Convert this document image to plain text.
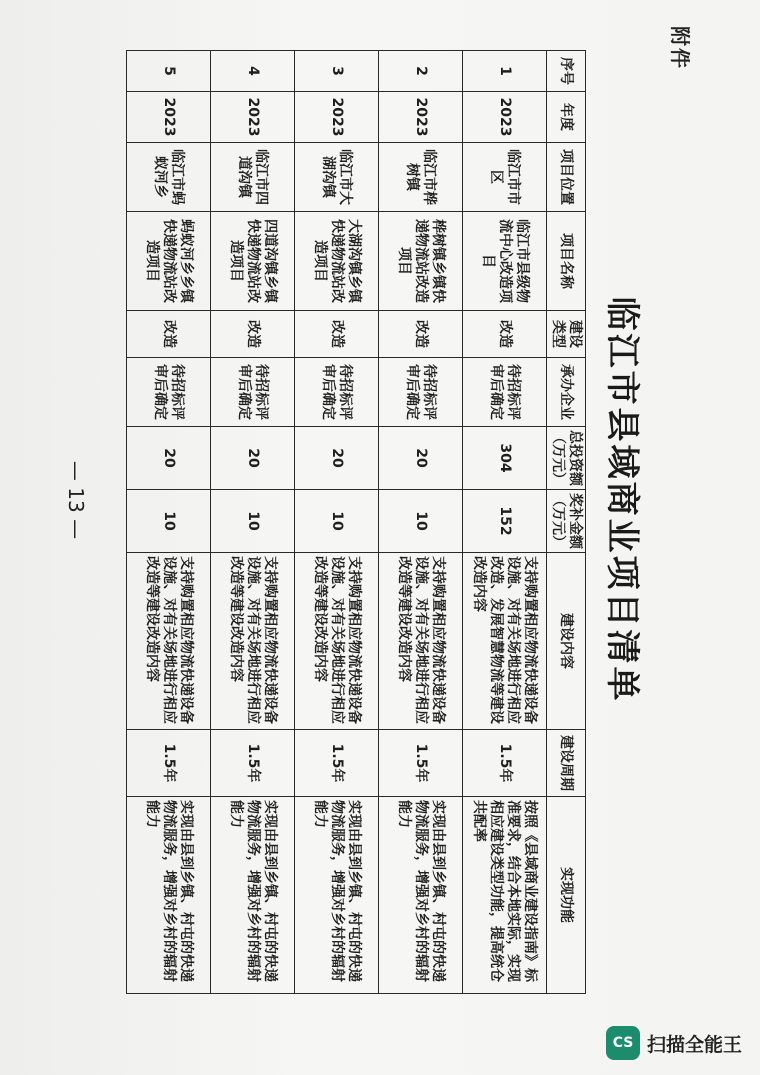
附件
临江市县域商业项目清单
序号	年度	项目位置	项目名称	建设类型	承办企业	总投资额（万元）	奖补金额（万元）	建设内容	建设周期	实现功能
1	2023	临江市市区	临江市县级物流中心改造项目	改造	待招标评审后确定	304	152	支持购置相应物流快递设备设施、对有关场地进行相应改造、发展智慧物流等建设改造内容	1.5年	按照《县域商业建设指南》标准要求，结合本地实际，实现相应建设类型功能，提高统仓共配率
2	2023	临江市桦树镇	桦树镇乡镇快递物流站改造项目	改造	待招标评审后确定	20	10	支持购置相应物流快递设备设施、对有关场地进行相应改造等建设改造内容	1.5年	实现由县到乡镇、村屯的快递物流服务，增强对乡村的辐射能力
3	2023	临江市大湖沟镇	大湖沟镇乡镇快递物流站改造项目	改造	待招标评审后确定	20	10	支持购置相应物流快递设备设施、对有关场地进行相应改造等建设改造内容	1.5年	实现由县到乡镇、村屯的快递物流服务，增强对乡村的辐射能力
4	2023	临江市四道沟镇	四道沟镇乡镇快递物流站改造项目	改造	待招标评审后确定	20	10	支持购置相应物流快递设备设施、对有关场地进行相应改造等建设改造内容	1.5年	实现由县到乡镇、村屯的快递物流服务，增强对乡村的辐射能力
5	2023	临江市蚂蚁河乡	蚂蚁河乡乡镇快递物流站改造项目	改造	待招标评审后确定	20	10	支持购置相应物流快递设备设施、对有关场地进行相应改造等建设改造内容	1.5年	实现由县到乡镇、村屯的快递物流服务，增强对乡村的辐射能力
— 13 —
CS 扫描全能王
